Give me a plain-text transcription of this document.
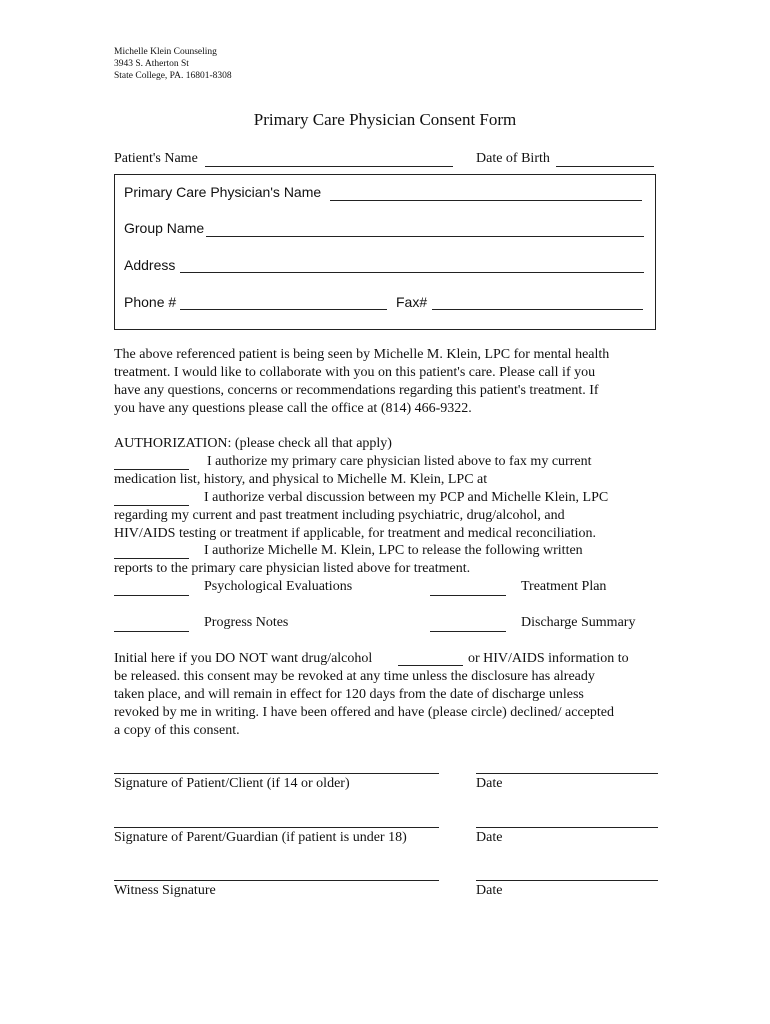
Michelle Klein Counseling
3943 S. Atherton St
State College, PA. 16801-8308
Primary Care Physician Consent Form
Patient's Name	Date of Birth
Primary Care Physician's Name
Group Name
Address
Phone #	Fax#
The above referenced patient is being seen by Michelle M. Klein, LPC for mental health
treatment. I would like to collaborate with you on this patient's care. Please call if you
have any questions, concerns or recommendations regarding this patient's treatment. If
you have any questions please call the office at (814) 466-9322.
AUTHORIZATION: (please check all that apply)
I authorize my primary care physician listed above to fax my current
medication list, history, and physical to Michelle M. Klein, LPC at
I authorize verbal discussion between my PCP and Michelle Klein, LPC
regarding my current and past treatment including psychiatric, drug/alcohol, and
HIV/AIDS testing or treatment if applicable, for treatment and medical reconciliation.
I authorize Michelle M. Klein, LPC to release the following written
reports to the primary care physician listed above for treatment.
Psychological Evaluations	Treatment Plan
Progress Notes	Discharge Summary
Initial here if you DO NOT want drug/alcohol	or HIV/AIDS information to
be released. this consent may be revoked at any time unless the disclosure has already
taken place, and will remain in effect for 120 days from the date of discharge unless
revoked by me in writing. I have been offered and have (please circle) declined/ accepted
a copy of this consent.
Signature of Patient/Client (if 14 or older)	Date
Signature of Parent/Guardian (if patient is under 18)	Date
Witness Signature	Date
